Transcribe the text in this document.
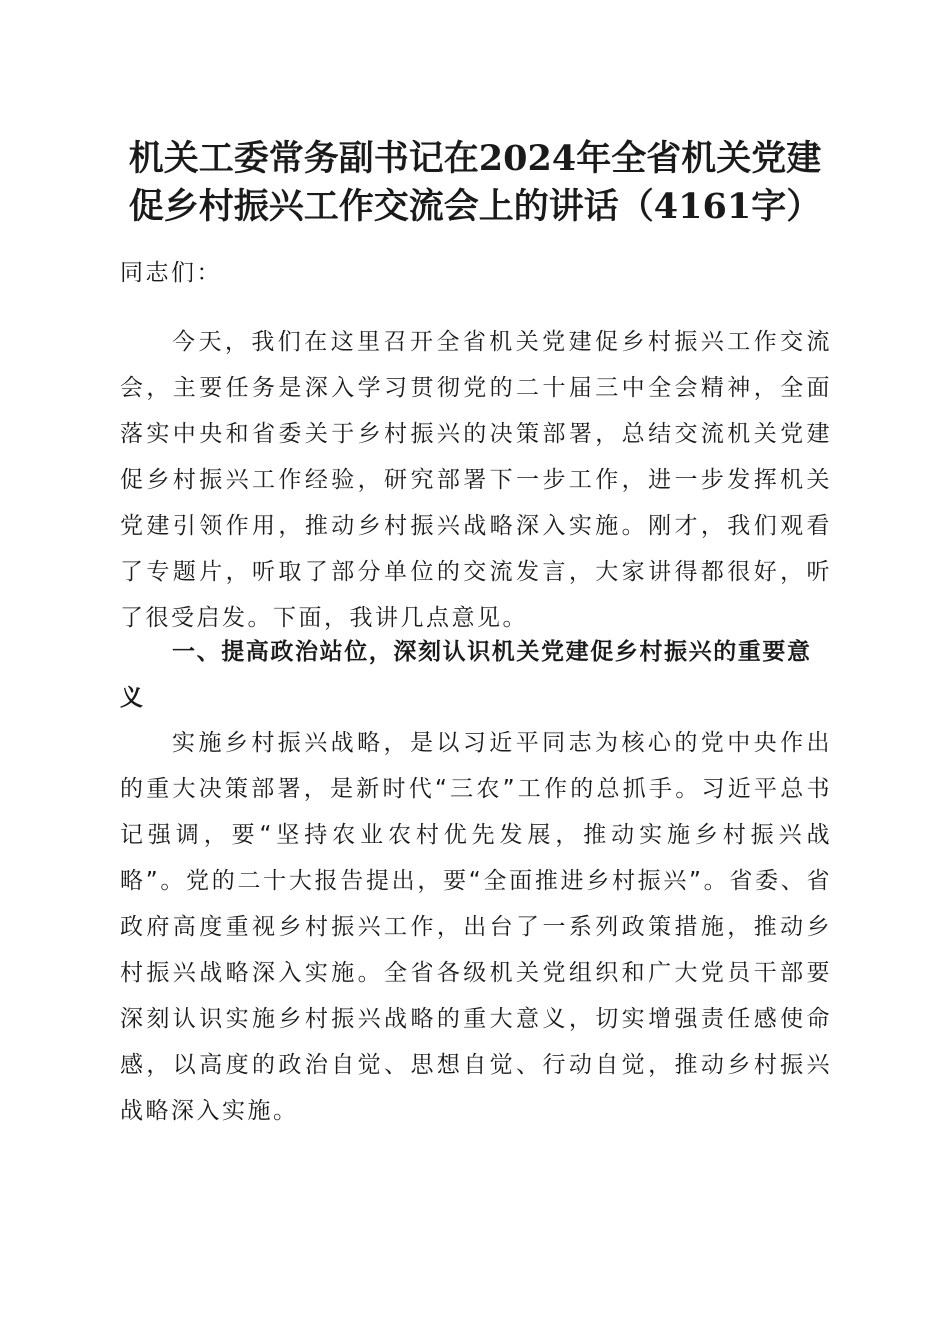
机关工委常务副书记在2024年全省机关党建
促乡村振兴工作交流会上的讲话（4161字）

同志们：

今天，我们在这里召开全省机关党建促乡村振兴工作交流会，主要任务是深入学习贯彻党的二十届三中全会精神，全面落实中央和省委关于乡村振兴的决策部署，总结交流机关党建促乡村振兴工作经验，研究部署下一步工作，进一步发挥机关党建引领作用，推动乡村振兴战略深入实施。刚才，我们观看了专题片，听取了部分单位的交流发言，大家讲得都很好，听了很受启发。下面，我讲几点意见。

一、提高政治站位，深刻认识机关党建促乡村振兴的重要意义

实施乡村振兴战略，是以习近平同志为核心的党中央作出的重大决策部署，是新时代“三农”工作的总抓手。习近平总书记强调，要“坚持农业农村优先发展，推动实施乡村振兴战略”。党的二十大报告提出，要“全面推进乡村振兴”。省委、省政府高度重视乡村振兴工作，出台了一系列政策措施，推动乡村振兴战略深入实施。全省各级机关党组织和广大党员干部要深刻认识实施乡村振兴战略的重大意义，切实增强责任感使命感，以高度的政治自觉、思想自觉、行动自觉，推动乡村振兴战略深入实施。
